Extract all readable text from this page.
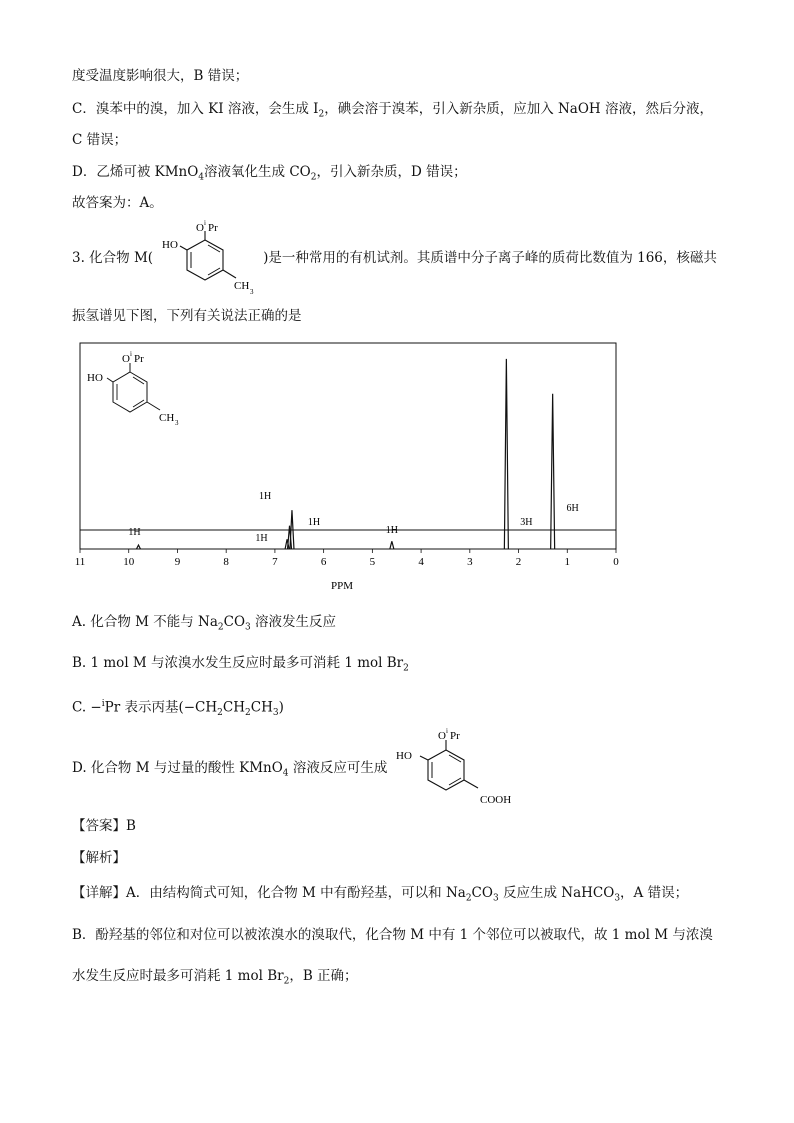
度受温度影响很大，B 错误；
C．溴苯中的溴，加入 KI 溶液，会生成 $I_2$，碘会溶于溴苯，引入新杂质，应加入 NaOH 溶液，然后分液，
C 错误；
D．乙烯可被 KMnO$_4$溶液氧化生成 $CO_2$，引入新杂质，D 错误；
故答案为：A。
3. 化合物 M(	)是一种常用的有机试剂。其质谱中分子离子峰的质荷比数值为 166，核磁共
O i Pr
HO
CH 3
振氢谱见下图，下列有关说法正确的是
11	10	9	8	7	6	5	4	3	2	1	0
1H
1H
1H
1H
1H
3H
6H
PPM
O i Pr
HO
CH 3
A. 化合物 M 不能与 $Na_2CO_3$ 溶液发生反应
B. 1 mol M 与浓溴水发生反应时最多可消耗 1 mol $Br_2$
C. −$^i$Pr 表示丙基$(-CH_2CH_2CH_3)$
D. 化合物 M 与过量的酸性 KMnO$_4$ 溶液反应可生成
O i Pr
HO
COOH
【答案】B
【解析】
【详解】A．由结构简式可知，化合物 M 中有酚羟基，可以和 $Na_2CO_3$ 反应生成 NaHCO$_3$，A 错误；
B．酚羟基的邻位和对位可以被浓溴水的溴取代，化合物 M 中有 1 个邻位可以被取代，故 1 mol M 与浓溴
水发生反应时最多可消耗 1 mol $Br_2$，B 正确；
